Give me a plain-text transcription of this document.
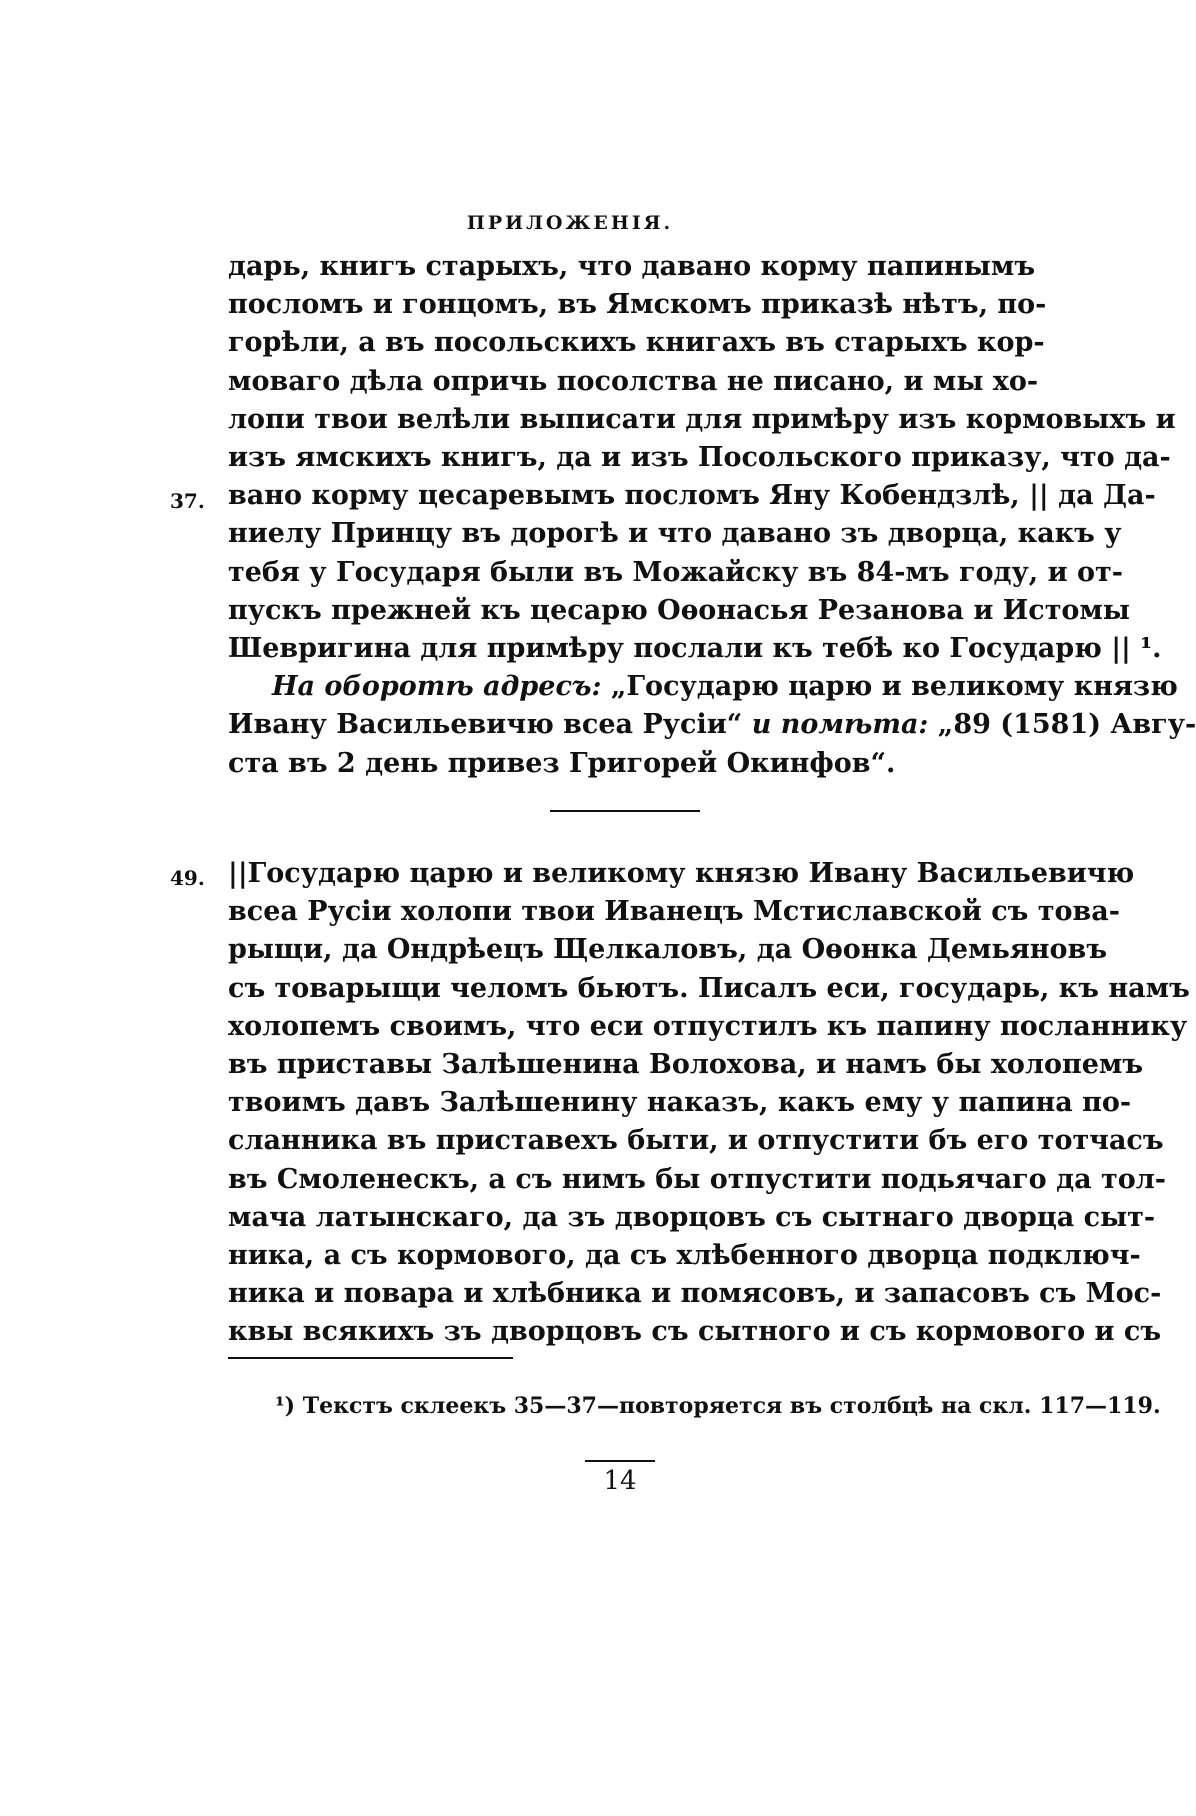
ПРИЛОЖЕНІЯ.
дарь, книгъ старыхъ, что давано корму папинымъ
посломъ и гонцомъ, въ Ямскомъ приказѣ нѣтъ, по-
горѣли, а въ посольскихъ книгахъ въ старыхъ кор-
моваго дѣла опричь посолства не писано, и мы хо-
лопи твои велѣли выписати для примѣру изъ кормовыхъ и
изъ ямскихъ книгъ, да и изъ Посольского приказу, что да-
вано корму цесаревымъ посломъ Яну Кобендзлѣ, || да Да-
ниелу Принцу въ дорогѣ и что давано зъ дворца, какъ у
тебя у Государя были въ Можайску въ 84-мъ году, и от-
пускъ прежней къ цесарю Оѳонасья Резанова и Истомы
Шевригина для примѣру послали къ тебѣ ко Государю || ¹.
На оборотѣ адресъ: „Государю царю и великому князю
Ивану Васильевичю всеа Русіи“ и помѣта: „89 (1581) Авгу-
ста въ 2 день привез Григорей Окинфов“.
37.
49. ||Государю царю и великому князю Ивану Васильевичю
всеа Русіи холопи твои Иванецъ Мстиславской съ това-
рыщи, да Ондрѣецъ Щелкаловъ, да Оѳонка Демьяновъ
съ товарыщи челомъ бьютъ. Писалъ еси, государь, къ намъ
холопемъ своимъ, что еси отпустилъ къ папину посланнику
въ приставы Залѣшенина Волохова, и намъ бы холопемъ
твоимъ давъ Залѣшенину наказъ, какъ ему у папина по-
сланника въ приставехъ быти, и отпустити бъ его тотчасъ
въ Смоленескъ, а съ нимъ бы отпустити подьячаго да тол-
мача латынскаго, да зъ дворцовъ съ сытнаго дворца сыт-
ника, а съ кормового, да съ хлѣбенного дворца подключ-
ника и повара и хлѣбника и помясовъ, и запасовъ съ Мос-
квы всякихъ зъ дворцовъ съ сытного и съ кормового и съ
¹) Текстъ склеекъ 35—37—повторяется въ столбцѣ на скл. 117—119.
14
